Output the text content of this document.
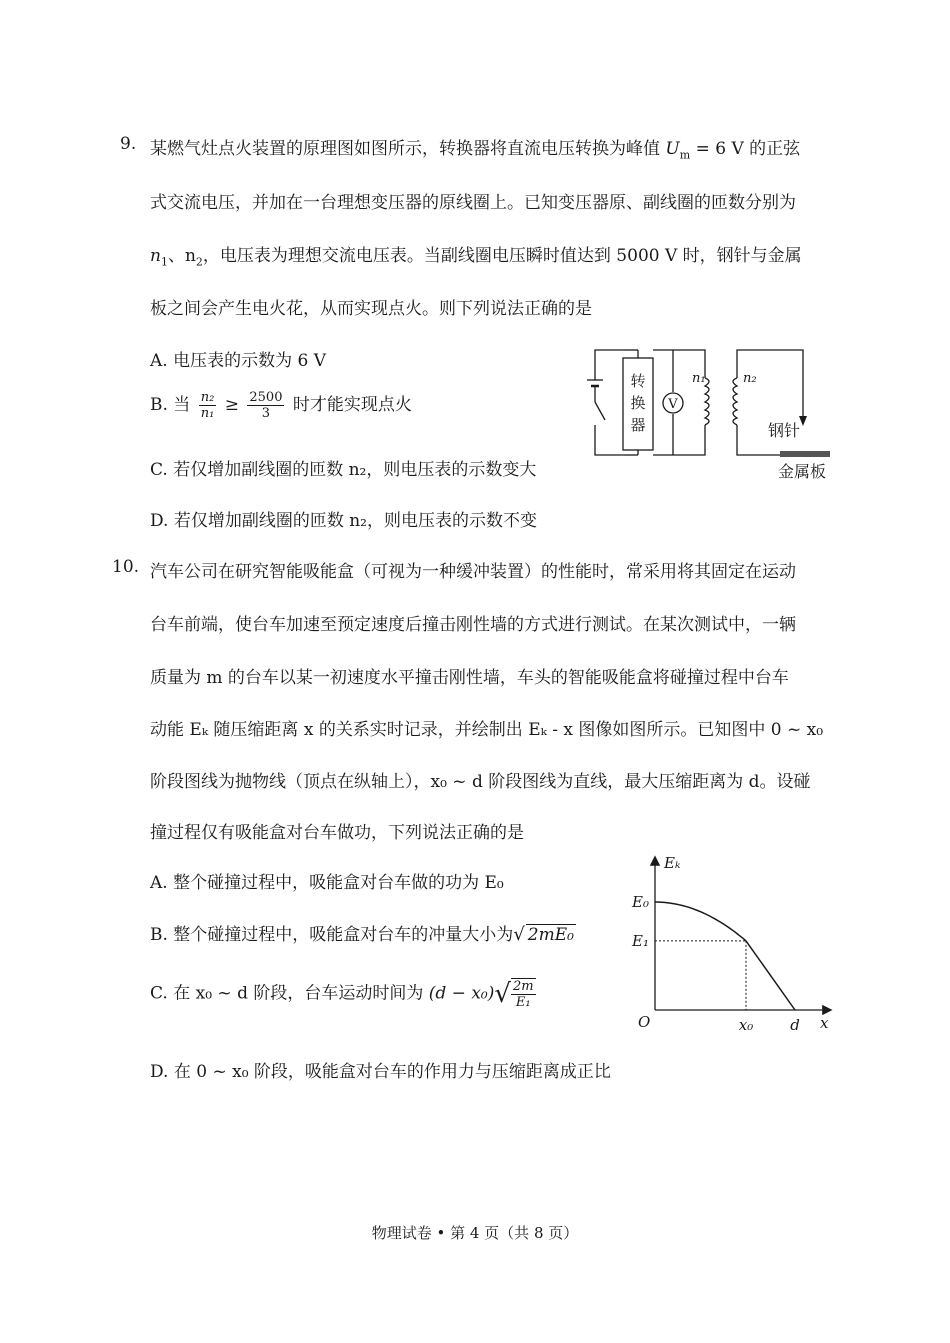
9. 某燃气灶点火装置的原理图如图所示，转换器将直流电压转换为峰值 $U_m = 6$ V 的正弦
式交流电压，并加在一台理想变压器的原线圈上。已知变压器原、副线圈的匝数分别为
$n_1$、$n_2$，电压表为理想交流电压表。当副线圈电压瞬时值达到 5000 V 时，钢针与金属
板之间会产生电火花，从而实现点火。则下列说法正确的是
A. 电压表的示数为 6 V
B. 当 $\frac{\text{n₂}}{\text{n₁}} \ge \frac{2500}{3}$ 时才能实现点火
C. 若仅增加副线圈的匝数 n₂，则电压表的示数变大
D. 若仅增加副线圈的匝数 n₂，则电压表的示数不变
转
换
器
V
n₁	n₂
钢针
金属板
10. 汽车公司在研究智能吸能盒（可视为一种缓冲装置）的性能时，常采用将其固定在运动
台车前端，使台车加速至预定速度后撞击刚性墙的方式进行测试。在某次测试中，一辆
质量为 m 的台车以某一初速度水平撞击刚性墙，车头的智能吸能盒将碰撞过程中台车
动能 Eₖ 随压缩距离 x 的关系实时记录，并绘制出 Eₖ - x 图像如图所示。已知图中 0 ~ x₀
阶段图线为抛物线（顶点在纵轴上），x₀ ~ d 阶段图线为直线，最大压缩距离为 d。设碰
撞过程仅有吸能盒对台车做功，下列说法正确的是
A. 整个碰撞过程中，吸能盒对台车做的功为 E₀
B. 整个碰撞过程中，吸能盒对台车的冲量大小为√ 2mE₀
C. 在 x₀ ~ d 阶段，台车运动时间为 $(d - x_0)√ \frac{2m}{\text{E₁}}$
D. 在 0 ~ x₀ 阶段，吸能盒对台车的作用力与压缩距离成正比
Eₖ
x
O
E₀
E₁
x₀ d
物理试卷 • 第 4 页（共 8 页）
